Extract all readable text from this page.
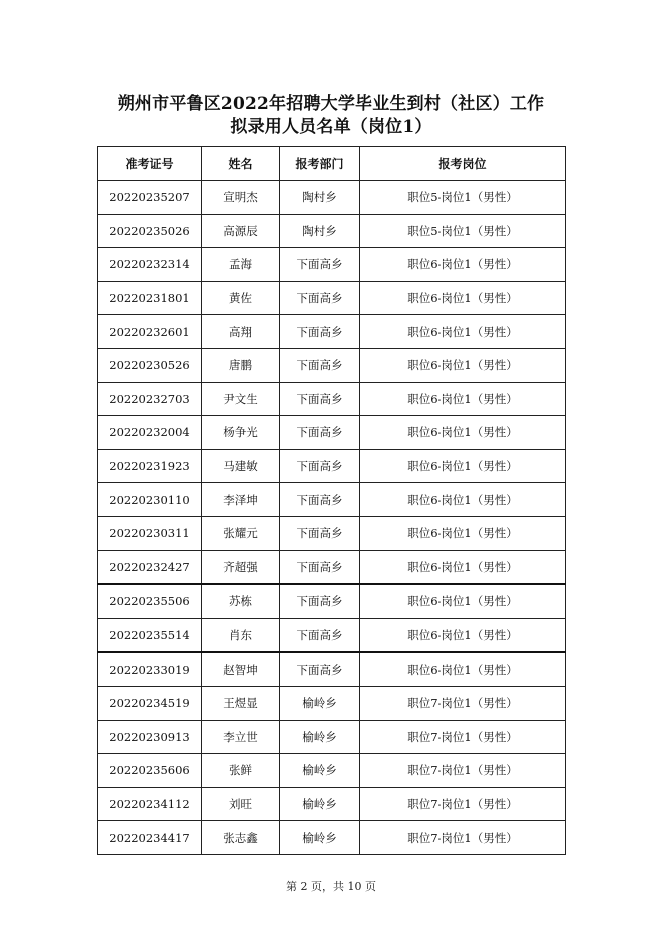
朔州市平鲁区2022年招聘大学毕业生到村（社区）工作
拟录用人员名单（岗位1）
准考证号	姓名	报考部门	报考岗位
20220235207	宣明杰	陶村乡	职位5-岗位1（男性）
20220235026	高源辰	陶村乡	职位5-岗位1（男性）
20220232314	孟海	下面高乡	职位6-岗位1（男性）
20220231801	黄佐	下面高乡	职位6-岗位1（男性）
20220232601	高翔	下面高乡	职位6-岗位1（男性）
20220230526	唐鹏	下面高乡	职位6-岗位1（男性）
20220232703	尹文生	下面高乡	职位6-岗位1（男性）
20220232004	杨争光	下面高乡	职位6-岗位1（男性）
20220231923	马建敏	下面高乡	职位6-岗位1（男性）
20220230110	李泽坤	下面高乡	职位6-岗位1（男性）
20220230311	张耀元	下面高乡	职位6-岗位1（男性）
20220232427	齐超强	下面高乡	职位6-岗位1（男性）
20220235506	苏栋	下面高乡	职位6-岗位1（男性）
20220235514	肖东	下面高乡	职位6-岗位1（男性）
20220233019	赵智坤	下面高乡	职位6-岗位1（男性）
20220234519	王煜显	榆岭乡	职位7-岗位1（男性）
20220230913	李立世	榆岭乡	职位7-岗位1（男性）
20220235606	张鲜	榆岭乡	职位7-岗位1（男性）
20220234112	刘旺	榆岭乡	职位7-岗位1（男性）
20220234417	张志鑫	榆岭乡	职位7-岗位1（男性）
第 2 页，共 10 页
